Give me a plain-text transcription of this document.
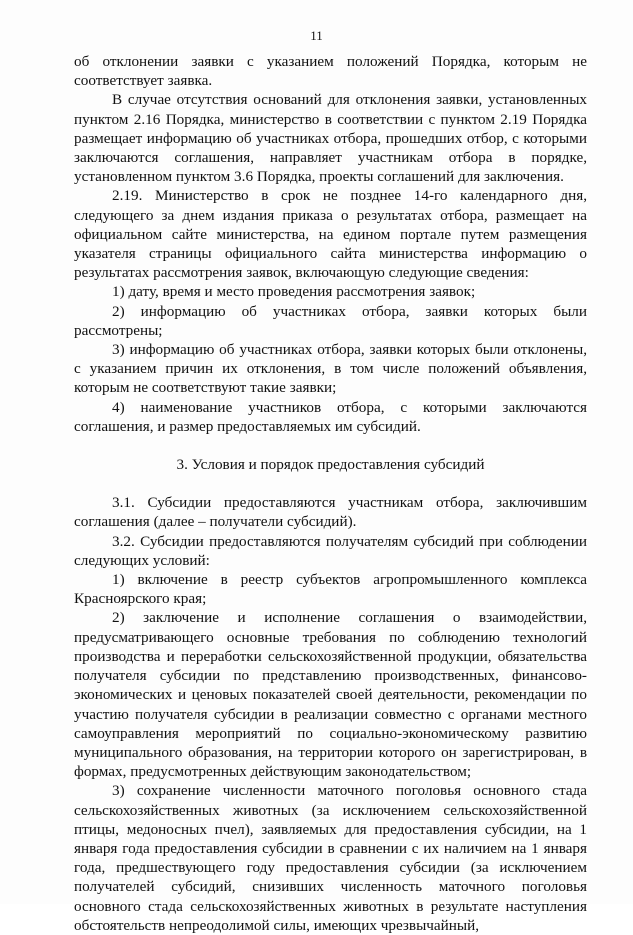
11

об отклонении заявки с указанием положений Порядка, которым не соответствует заявка.

В случае отсутствия оснований для отклонения заявки, установленных пунктом 2.16 Порядка, министерство в соответствии с пунктом 2.19 Порядка размещает информацию об участниках отбора, прошедших отбор, с которыми заключаются соглашения, направляет участникам отбора в порядке, установленном пунктом 3.6 Порядка, проекты соглашений для заключения.

2.19. Министерство в срок не позднее 14-го календарного дня, следующего за днем издания приказа о результатах отбора, размещает на официальном сайте министерства, на едином портале путем размещения указателя страницы официального сайта министерства информацию о результатах рассмотрения заявок, включающую следующие сведения:

1) дату, время и место проведения рассмотрения заявок;

2) информацию об участниках отбора, заявки которых были рассмотрены;

3) информацию об участниках отбора, заявки которых были отклонены, с указанием причин их отклонения, в том числе положений объявления, которым не соответствуют такие заявки;

4) наименование участников отбора, с которыми заключаются соглашения, и размер предоставляемых им субсидий.

3. Условия и порядок предоставления субсидий

3.1. Субсидии предоставляются участникам отбора, заключившим соглашения (далее – получатели субсидий).

3.2. Субсидии предоставляются получателям субсидий при соблюдении следующих условий:

1) включение в реестр субъектов агропромышленного комплекса Красноярского края;

2) заключение и исполнение соглашения о взаимодействии, предусматривающего основные требования по соблюдению технологий производства и переработки сельскохозяйственной продукции, обязательства получателя субсидии по представлению производственных, финансово-экономических и ценовых показателей своей деятельности, рекомендации по участию получателя субсидии в реализации совместно с органами местного самоуправления мероприятий по социально-экономическому развитию муниципального образования, на территории которого он зарегистрирован, в формах, предусмотренных действующим законодательством;

3) сохранение численности маточного поголовья основного стада сельскохозяйственных животных (за исключением сельскохозяйственной птицы, медоносных пчел), заявляемых для предоставления субсидии, на 1 января года предоставления субсидии в сравнении с их наличием на 1 января года, предшествующего году предоставления субсидии (за исключением получателей субсидий, снизивших численность маточного поголовья основного стада сельскохозяйственных животных в результате наступления обстоятельств непреодолимой силы, имеющих чрезвычайный,
